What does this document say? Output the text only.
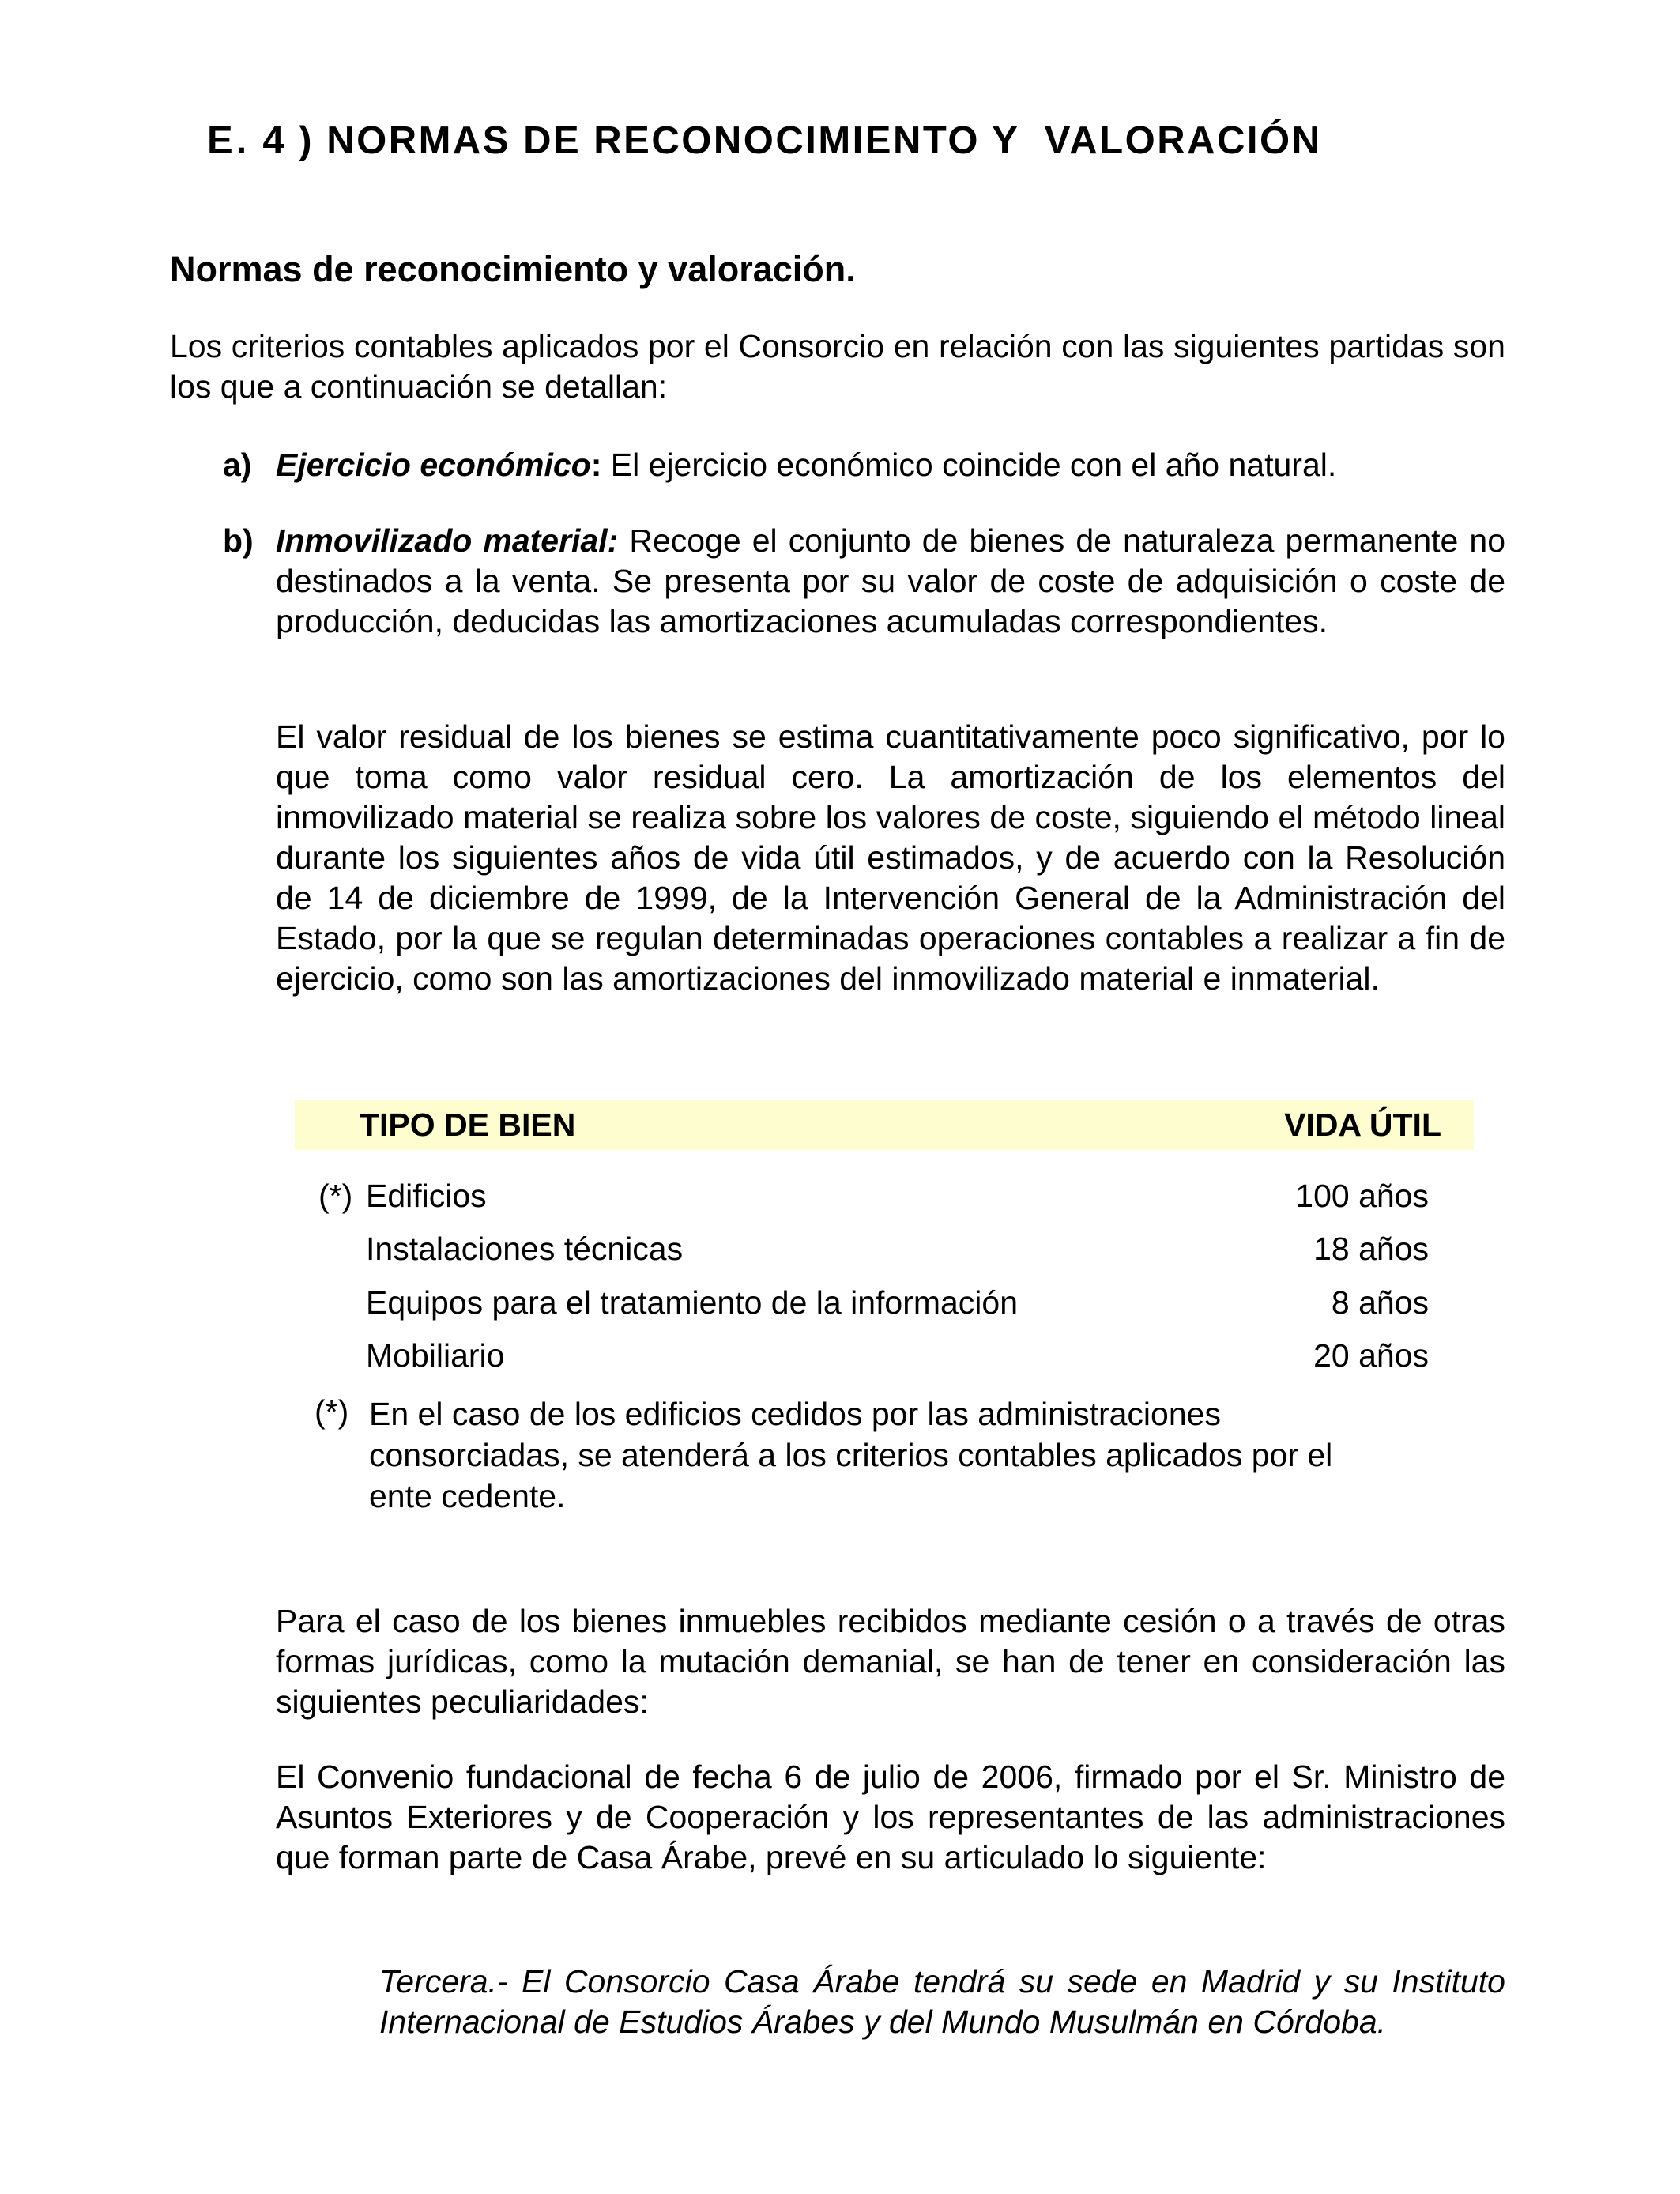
E. 4 ) NORMAS DE RECONOCIMIENTO Y  VALORACIÓN
Normas de reconocimiento y valoración.

Los criterios contables aplicados por el Consorcio en relación con las siguientes partidas son los que a continuación se detallan:

a) Ejercicio económico: El ejercicio económico coincide con el año natural.

b) Inmovilizado material: Recoge el conjunto de bienes de naturaleza permanente no destinados a la venta. Se presenta por su valor de coste de adquisición o coste de producción, deducidas las amortizaciones acumuladas correspondientes.

El valor residual de los bienes se estima cuantitativamente poco significativo, por lo que toma como valor residual cero. La amortización de los elementos del inmovilizado material se realiza sobre los valores de coste, siguiendo el método lineal durante los siguientes años de vida útil estimados, y de acuerdo con la Resolución de 14 de diciembre de 1999, de la Intervención General de la Administración del Estado, por la que se regulan determinadas operaciones contables a realizar a fin de ejercicio, como son las amortizaciones del inmovilizado material e inmaterial.

TIPO DE BIEN	VIDA ÚTIL
(*) Edificios	100 años
Instalaciones técnicas	18 años
Equipos para el tratamiento de la información	8 años
Mobiliario	20 años
(*) En el caso de los edificios cedidos por las administraciones consorciadas, se atenderá a los criterios contables aplicados por el ente cedente.

Para el caso de los bienes inmuebles recibidos mediante cesión o a través de otras formas jurídicas, como la mutación demanial, se han de tener en consideración las siguientes peculiaridades:

El Convenio fundacional de fecha 6 de julio de 2006, firmado por el Sr. Ministro de Asuntos Exteriores y de Cooperación y los representantes de las administraciones que forman parte de Casa Árabe, prevé en su articulado lo siguiente:

Tercera.- El Consorcio Casa Árabe tendrá su sede en Madrid y su Instituto Internacional de Estudios Árabes y del Mundo Musulmán en Córdoba.
